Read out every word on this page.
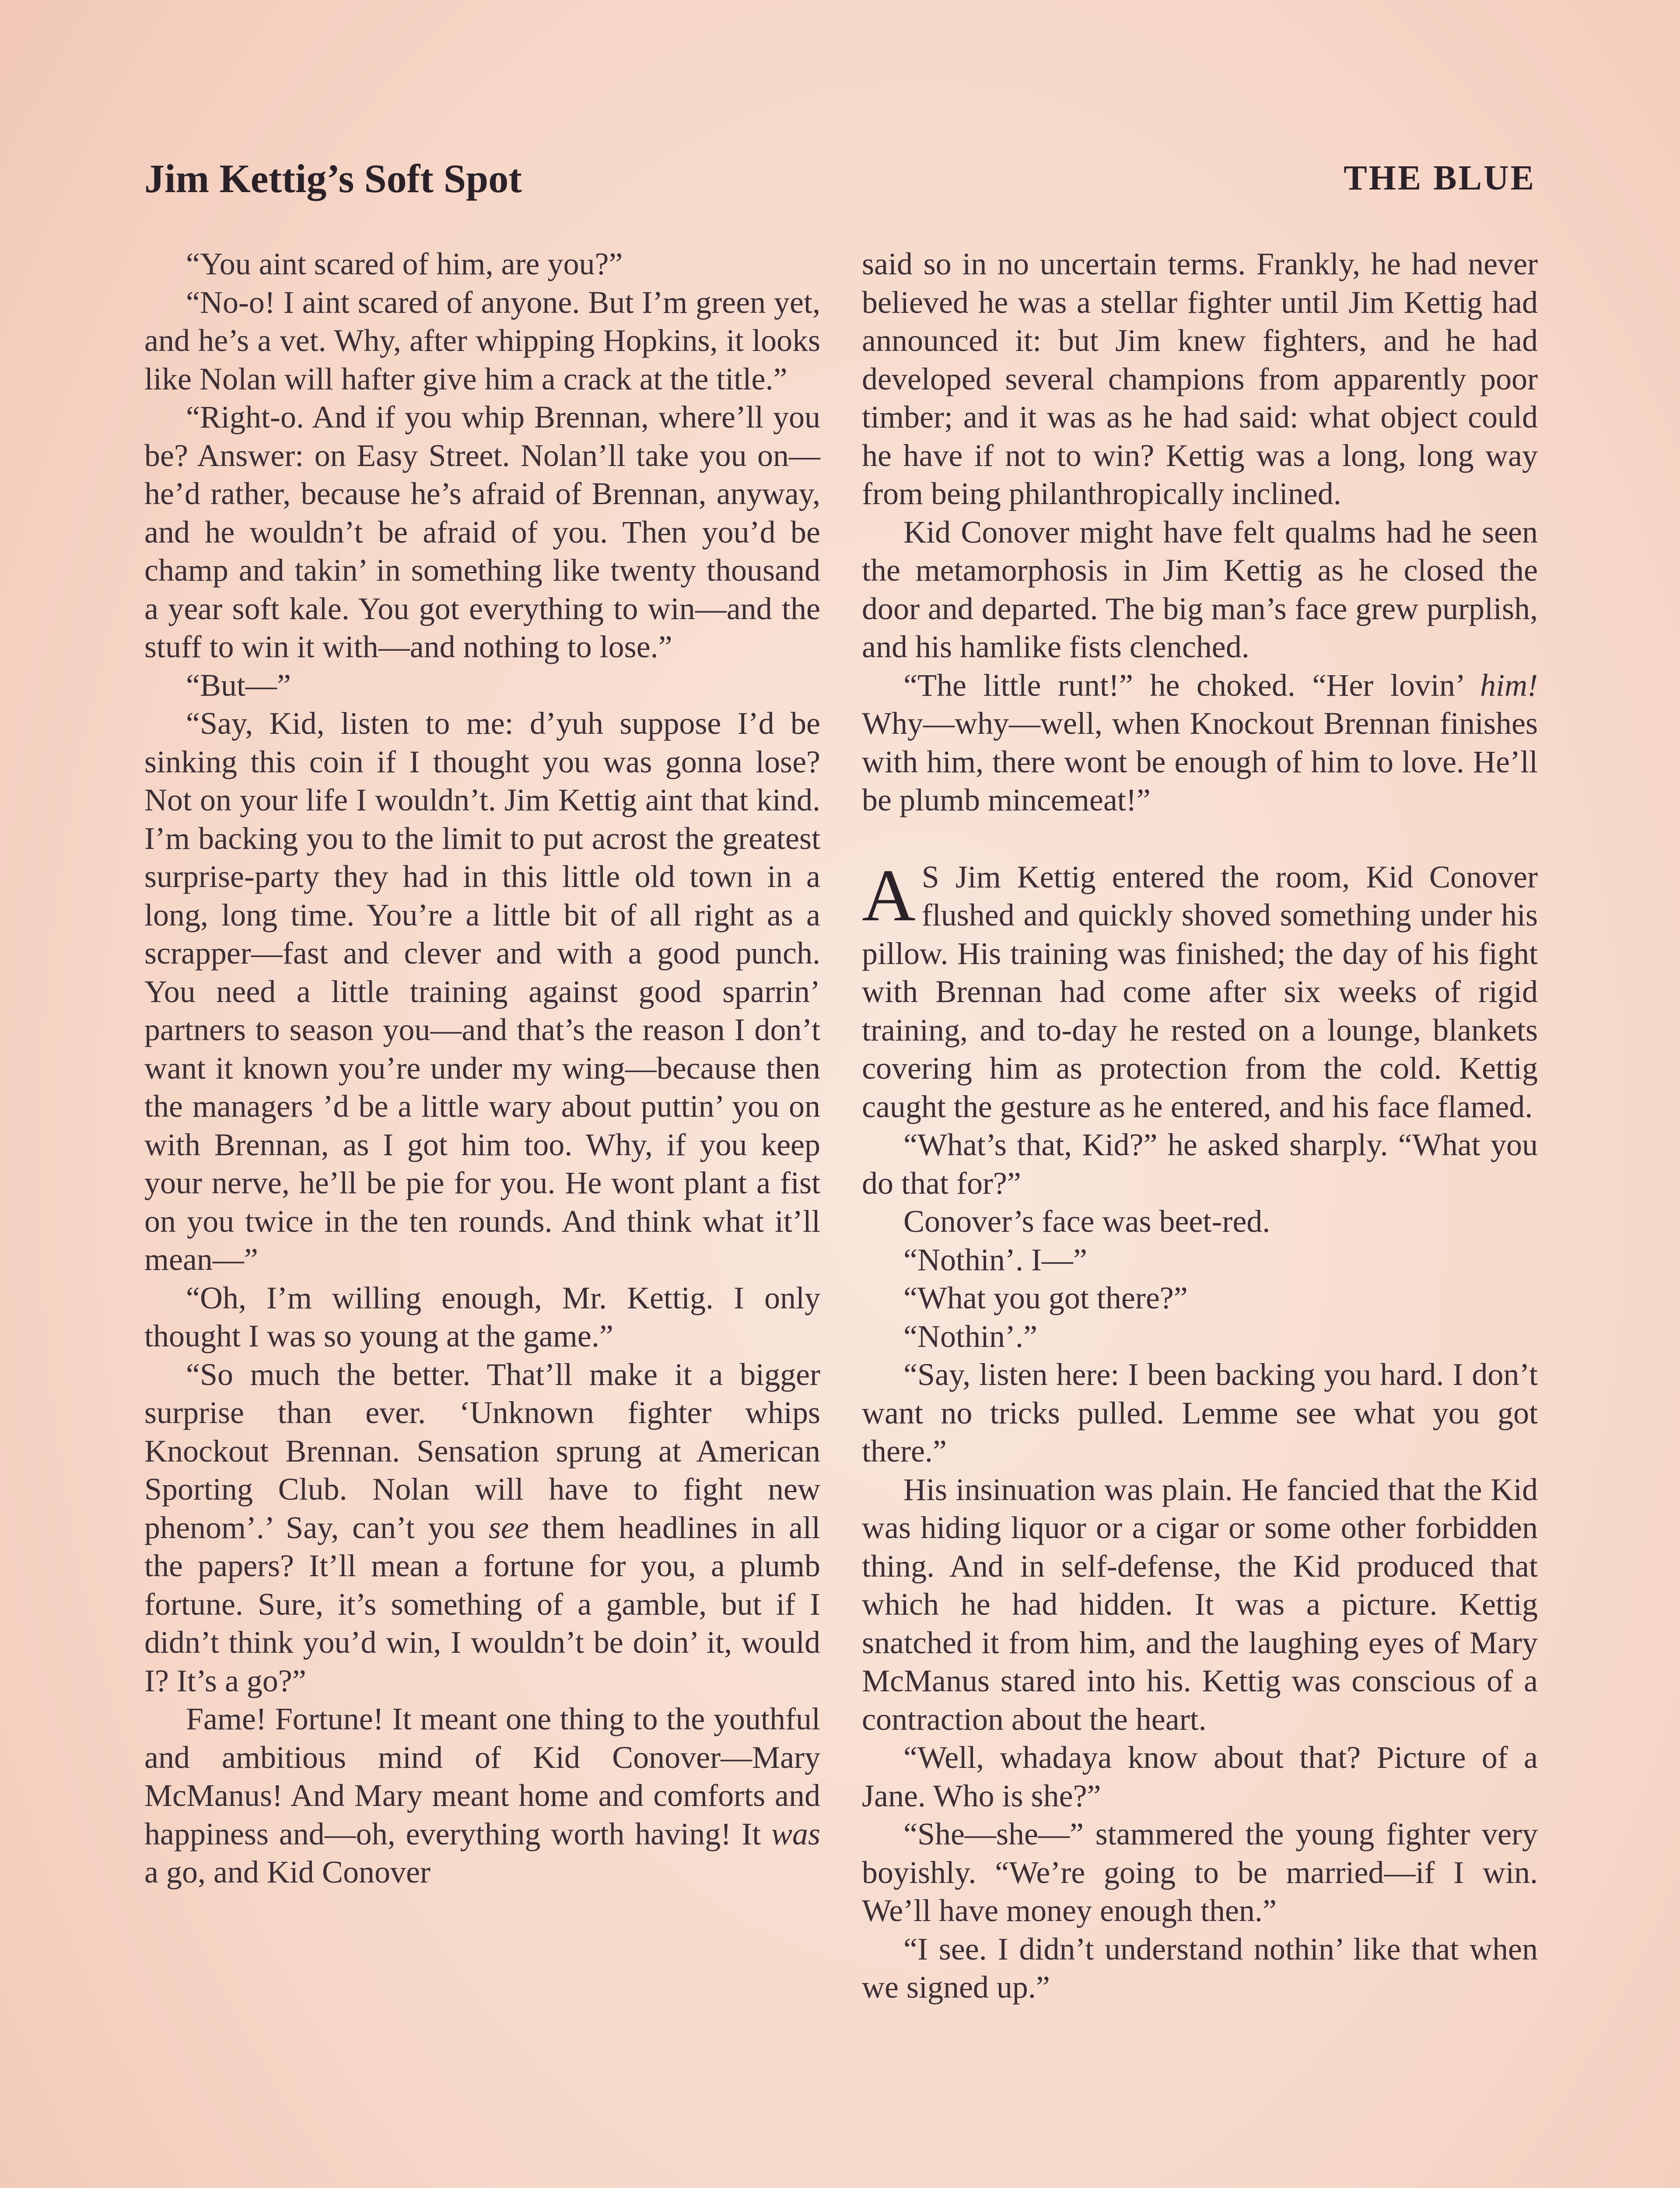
Jim Kettig’s Soft Spot	THE BLUE

“You aint scared of him, are you?”

“No-o! I aint scared of anyone. But I’m green yet, and he’s a vet. Why, after whipping Hopkins, it looks like Nolan will hafter give him a crack at the title.”

“Right-o. And if you whip Brennan, where’ll you be? Answer: on Easy Street. Nolan’ll take you on—he’d rather, because he’s afraid of Brennan, anyway, and he wouldn’t be afraid of you. Then you’d be champ and takin’ in something like twenty thousand a year soft kale. You got everything to win—and the stuff to win it with—and nothing to lose.”

“But—”

“Say, Kid, listen to me: d’yuh suppose I’d be sinking this coin if I thought you was gonna lose? Not on your life I wouldn’t. Jim Kettig aint that kind. I’m backing you to the limit to put acrost the greatest surprise-party they had in this little old town in a long, long time. You’re a little bit of all right as a scrapper—fast and clever and with a good punch. You need a little training against good sparrin’ partners to season you—and that’s the reason I don’t want it known you’re under my wing—because then the managers ’d be a little wary about puttin’ you on with Brennan, as I got him too. Why, if you keep your nerve, he’ll be pie for you. He wont plant a fist on you twice in the ten rounds. And think what it’ll mean—”

“Oh, I’m willing enough, Mr. Kettig. I only thought I was so young at the game.”

“So much the better. That’ll make it a bigger surprise than ever. ‘Unknown fighter whips Knockout Brennan. Sensation sprung at American Sporting Club. Nolan will have to fight new phenom’.’ Say, can’t you see them headlines in all the papers? It’ll mean a fortune for you, a plumb fortune. Sure, it’s something of a gamble, but if I didn’t think you’d win, I wouldn’t be doin’ it, would I? It’s a go?”

Fame! Fortune! It meant one thing to the youthful and ambitious mind of Kid Conover—Mary McManus! And Mary meant home and comforts and happiness and—oh, everything worth having! It was a go, and Kid Conover

said so in no uncertain terms. Frankly, he had never believed he was a stellar fighter until Jim Kettig had announced it: but Jim knew fighters, and he had developed several champions from apparently poor timber; and it was as he had said: what object could he have if not to win? Kettig was a long, long way from being philanthropically inclined.

Kid Conover might have felt qualms had he seen the metamorphosis in Jim Kettig as he closed the door and departed. The big man’s face grew purplish, and his hamlike fists clenched.

“The little runt!” he choked. “Her lovin’ him! Why—why—well, when Knockout Brennan finishes with him, there wont be enough of him to love. He’ll be plumb mincemeat!”

A S Jim Kettig entered the room, Kid Conover flushed and quickly shoved something under his pillow. His training was finished; the day of his fight with Brennan had come after six weeks of rigid training, and to-day he rested on a lounge, blankets covering him as protection from the cold. Kettig caught the gesture as he entered, and his face flamed.

“What’s that, Kid?” he asked sharply. “What you do that for?”

Conover’s face was beet-red.

“Nothin’. I—”

“What you got there?”

“Nothin’.”

“Say, listen here: I been backing you hard. I don’t want no tricks pulled. Lemme see what you got there.”

His insinuation was plain. He fancied that the Kid was hiding liquor or a cigar or some other forbidden thing. And in self-defense, the Kid produced that which he had hidden. It was a picture. Kettig snatched it from him, and the laughing eyes of Mary McManus stared into his. Kettig was conscious of a contraction about the heart.

“Well, whadaya know about that? Picture of a Jane. Who is she?”

“She—she—” stammered the young fighter very boyishly. “We’re going to be married—if I win. We’ll have money enough then.”

“I see. I didn’t understand nothin’ like that when we signed up.”
